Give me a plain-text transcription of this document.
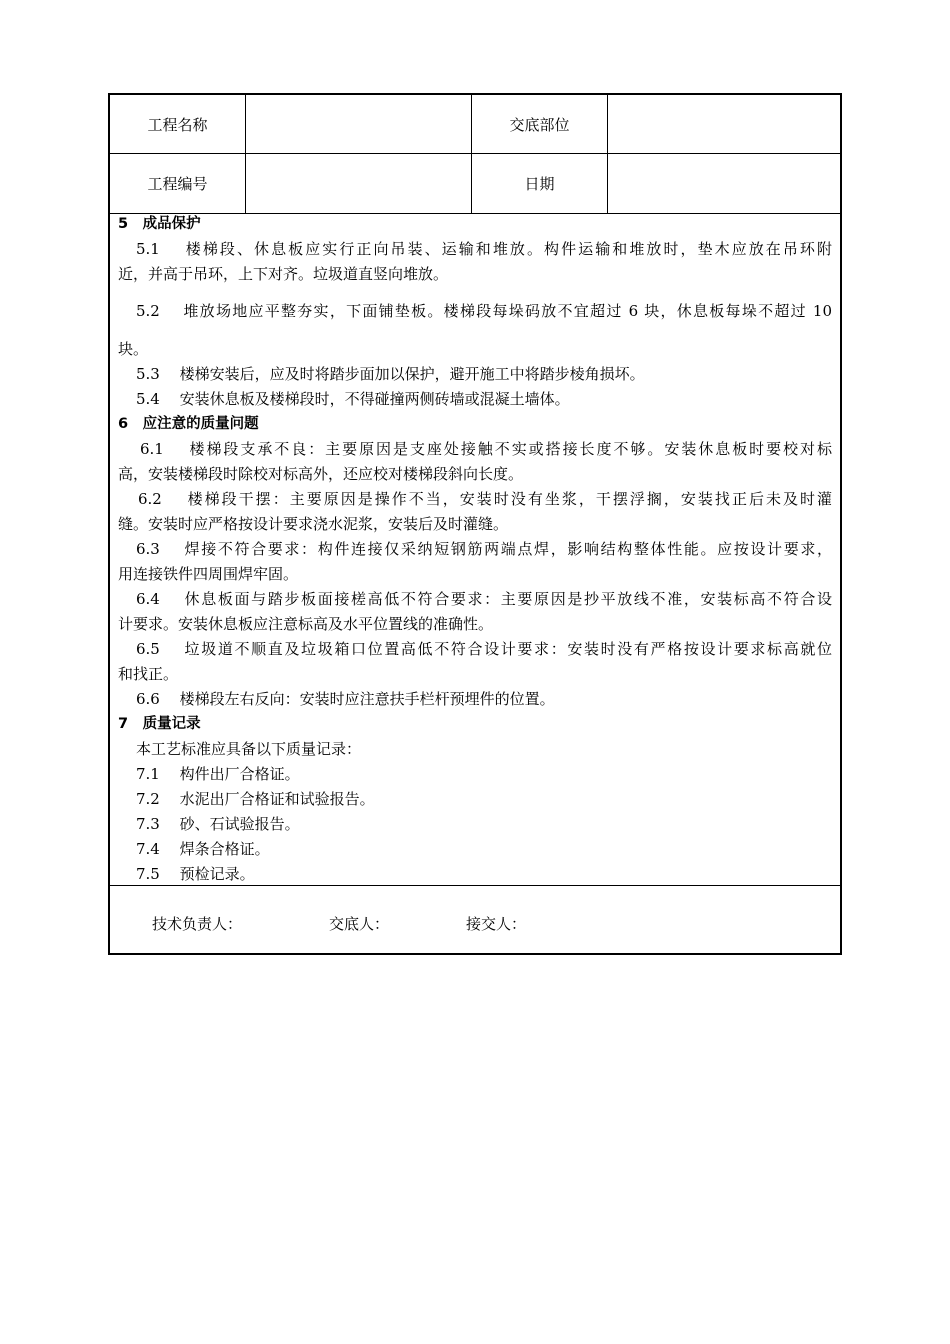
工程名称	交底部位
工程编号	日期
5　成品保护
5.1　 楼梯段、休息板应实行正向吊装、运输和堆放。构件运输和堆放时，垫木应放在吊环附
近，并高于吊环，上下对齐。垃圾道直竖向堆放。
5.2　 堆放场地应平整夯实，下面铺垫板。楼梯段每垛码放不宜超过 6 块，休息板每垛不超过 10
块。
5.3　 楼梯安装后，应及时将踏步面加以保护，避开施工中将踏步棱角损坏。
5.4　 安装休息板及楼梯段时，不得碰撞两侧砖墙或混凝土墙体。
6　应注意的质量问题
6.1　 楼梯段支承不良：主要原因是支座处接触不实或搭接长度不够。安装休息板时要校对标
高，安装楼梯段时除校对标高外，还应校对楼梯段斜向长度。
6.2　 楼梯段干摆：主要原因是操作不当，安装时没有坐浆，干摆浮搁，安装找正后未及时灌
缝。安装时应严格按设计要求浇水泥浆，安装后及时灌缝。
6.3　 焊接不符合要求：构件连接仅采纳短钢筋两端点焊，影响结构整体性能。应按设计要求，
用连接铁件四周围焊牢固。
6.4　 休息板面与踏步板面接槎高低不符合要求：主要原因是抄平放线不准，安装标高不符合设
计要求。安装休息板应注意标高及水平位置线的准确性。
6.5　 垃圾道不顺直及垃圾箱口位置高低不符合设计要求：安装时没有严格按设计要求标高就位
和找正。
6.6　 楼梯段左右反向：安装时应注意扶手栏杆预埋件的位置。
7　质量记录
本工艺标准应具备以下质量记录：
7.1　 构件出厂合格证。
7.2　 水泥出厂合格证和试验报告。
7.3　 砂、石试验报告。
7.4　 焊条合格证。
7.5　 预检记录。
技术负责人：	交底人：	接交人：
